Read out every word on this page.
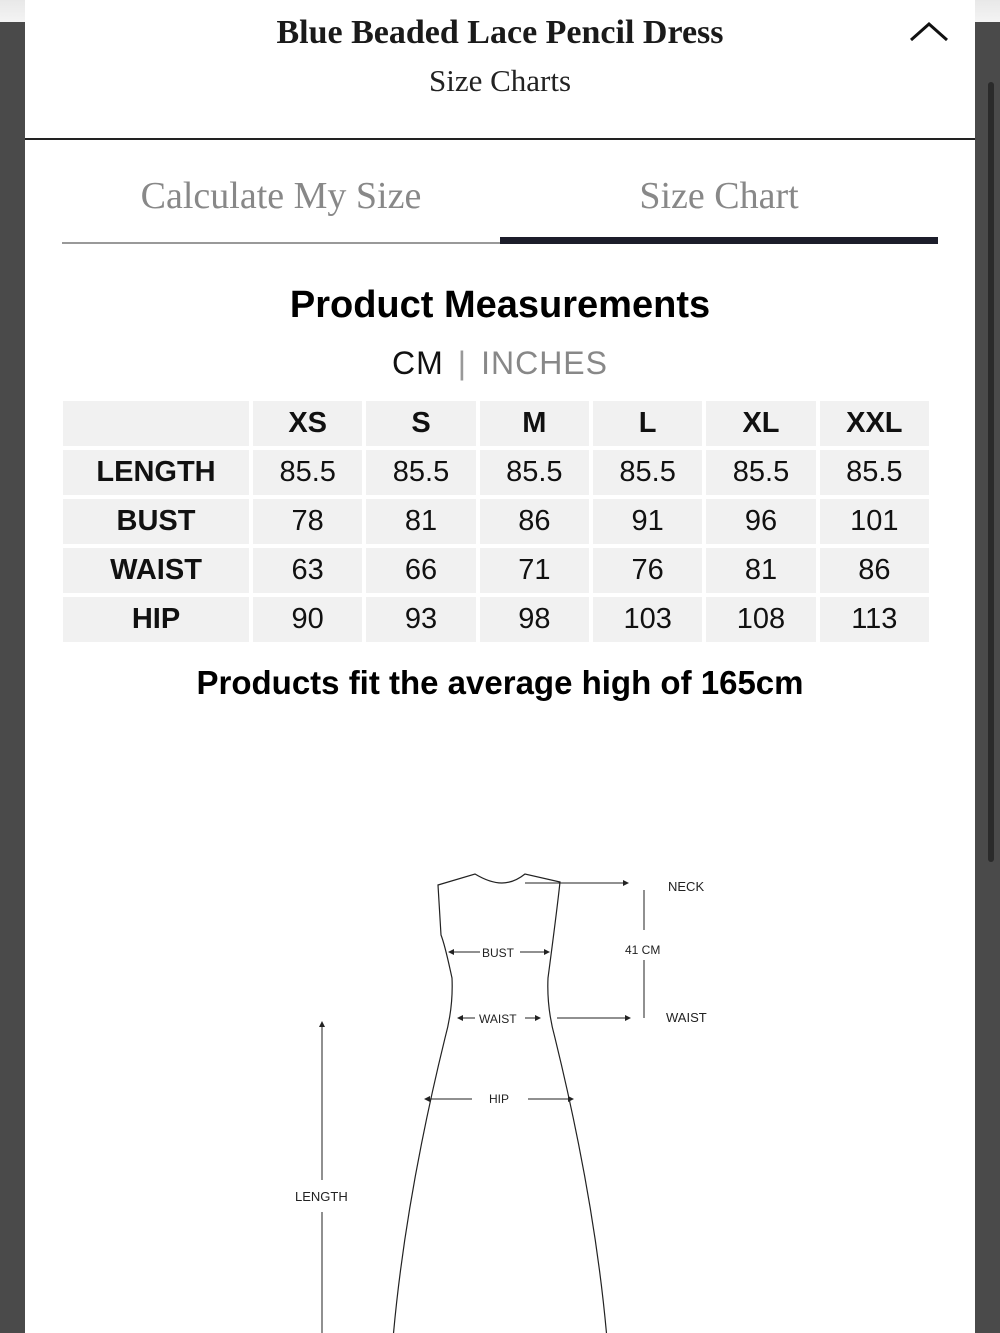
Blue Beaded Lace Pencil Dress
Size Charts
Calculate My Size	Size Chart
Product Measurements
CM | INCHES
	XS	S	M	L	XL	XXL
LENGTH	85.5	85.5	85.5	85.5	85.5	85.5
BUST	78	81	86	91	96	101
WAIST	63	66	71	76	81	86
HIP	90	93	98	103	108	113
Products fit the average high of 165cm
NECK
41 CM
BUST
WAIST	WAIST
HIP
LENGTH
